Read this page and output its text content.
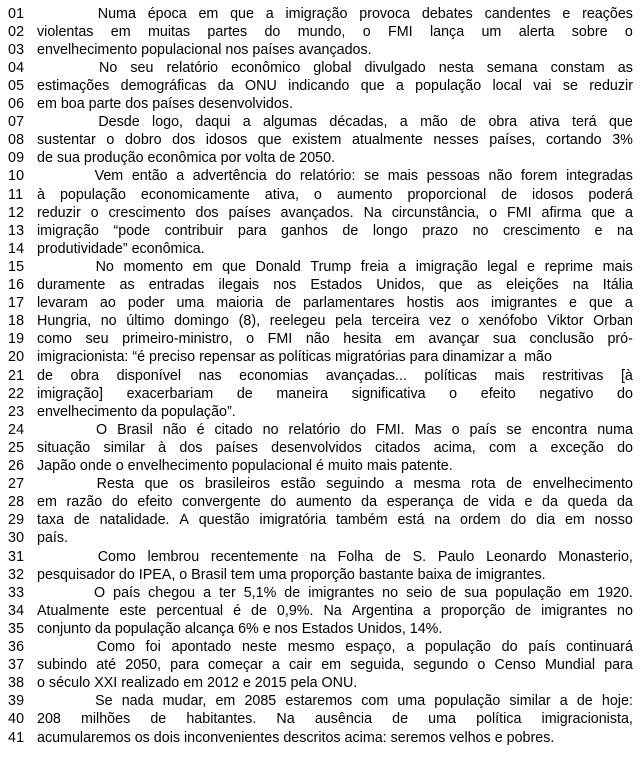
01	Numa época em que a imigração provoca debates candentes e reações
02 violentas em muitas partes do mundo, o FMI lança um alerta sobre o
03 envelhecimento populacional nos países avançados.
04	No seu relatório econômico global divulgado nesta semana constam as
05 estimações demográficas da ONU indicando que a população local vai se reduzir
06 em boa parte dos países desenvolvidos.
07	Desde logo, daqui a algumas décadas, a mão de obra ativa terá que
08 sustentar o dobro dos idosos que existem atualmente nesses países, cortando 3%
09 de sua produção econômica por volta de 2050.
10	Vem então a advertência do relatório: se mais pessoas não forem integradas
11 à população economicamente ativa, o aumento proporcional de idosos poderá
12 reduzir o crescimento dos países avançados. Na circunstância, o FMI afirma que a
13 imigração “pode contribuir para ganhos de longo prazo no crescimento e na
14 produtividade” econômica.
15	No momento em que Donald Trump freia a imigração legal e reprime mais
16 duramente as entradas ilegais nos Estados Unidos, que as eleições na Itália
17 levaram ao poder uma maioria de parlamentares hostis aos imigrantes e que a
18 Hungria, no último domingo (8), reelegeu pela terceira vez o xenófobo Viktor Orban
19 como seu primeiro-ministro, o FMI não hesita em avançar sua conclusão pró-
20 imigracionista: “é preciso repensar as políticas migratórias para dinamizar a  mão
21 de obra disponível nas economias avançadas... políticas mais restritivas [à
22 imigração] exacerbariam de maneira significativa o efeito negativo do
23 envelhecimento da população”.
24	O Brasil não é citado no relatório do FMI. Mas o país se encontra numa
25 situação similar à dos países desenvolvidos citados acima, com a exceção do
26 Japão onde o envelhecimento populacional é muito mais patente.
27	Resta que os brasileiros estão seguindo a mesma rota de envelhecimento
28 em razão do efeito convergente do aumento da esperança de vida e da queda da
29 taxa de natalidade. A questão imigratória também está na ordem do dia em nosso
30 país.
31	Como lembrou recentemente na Folha de S. Paulo Leonardo Monasterio,
32 pesquisador do IPEA, o Brasil tem uma proporção bastante baixa de imigrantes.
33	O país chegou a ter 5,1% de imigrantes no seio de sua população em 1920.
34 Atualmente este percentual é de 0,9%. Na Argentina a proporção de imigrantes no
35 conjunto da população alcança 6% e nos Estados Unidos, 14%.
36	Como foi apontado neste mesmo espaço, a população do país continuará
37 subindo até 2050, para começar a cair em seguida, segundo o Censo Mundial para
38 o século XXI realizado em 2012 e 2015 pela ONU.
39	Se nada mudar, em 2085 estaremos com uma população similar a de hoje:
40 208 milhões de habitantes. Na ausência de uma política imigracionista,
41 acumularemos os dois inconvenientes descritos acima: seremos velhos e pobres.
